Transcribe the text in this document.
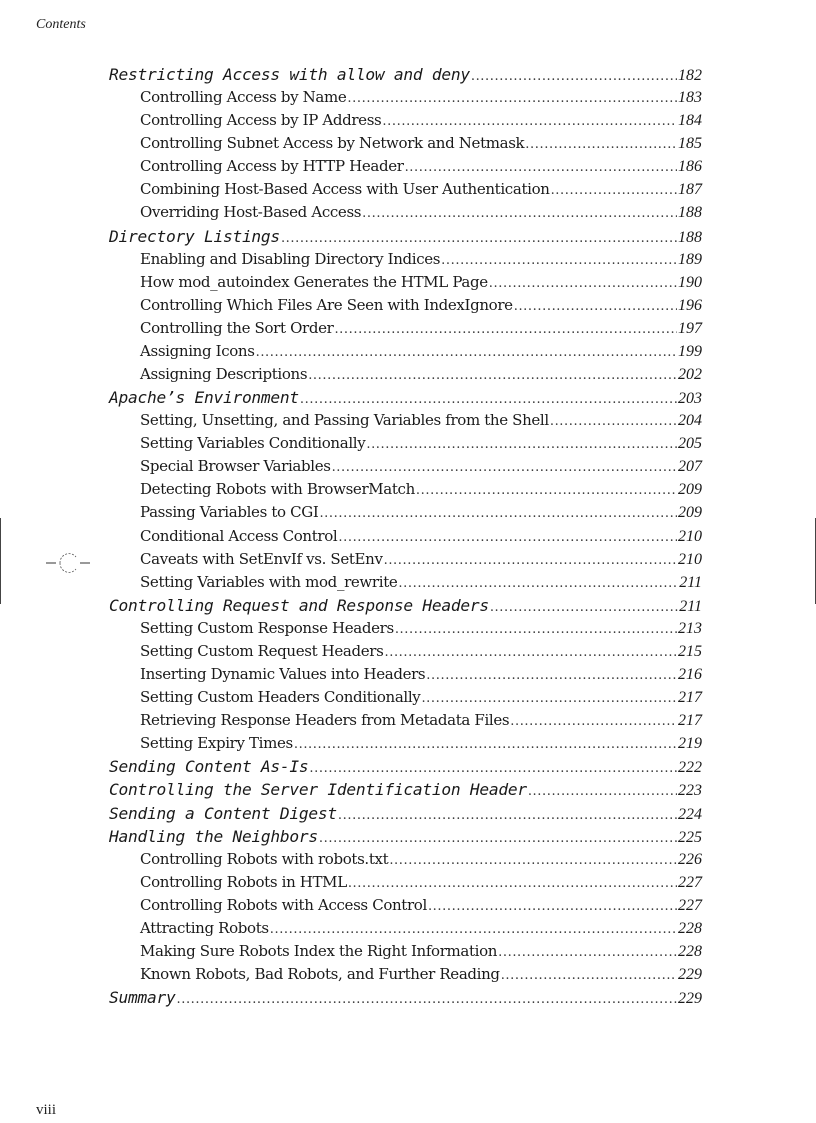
Contents
Restricting Access with allow and deny .....	182
Controlling Access by Name .....	183
Controlling Access by IP Address .....	184
Controlling Subnet Access by Network and Netmask .....	185
Controlling Access by HTTP Header .....	186
Combining Host-Based Access with User Authentication .....	187
Overriding Host-Based Access .....	188
Directory Listings .....	188
Enabling and Disabling Directory Indices .....	189
How mod_autoindex Generates the HTML Page .....	190
Controlling Which Files Are Seen with IndexIgnore .....	196
Controlling the Sort Order .....	197
Assigning Icons .....	199
Assigning Descriptions .....	202
Apache’s Environment .....	203
Setting, Unsetting, and Passing Variables from the Shell .....	204
Setting Variables Conditionally .....	205
Special Browser Variables .....	207
Detecting Robots with BrowserMatch .....	209
Passing Variables to CGI .....	209
Conditional Access Control .....	210
Caveats with SetEnvIf vs. SetEnv .....	210
Setting Variables with mod_rewrite .....	211
Controlling Request and Response Headers .....	211
Setting Custom Response Headers .....	213
Setting Custom Request Headers .....	215
Inserting Dynamic Values into Headers .....	216
Setting Custom Headers Conditionally .....	217
Retrieving Response Headers from Metadata Files .....	217
Setting Expiry Times .....	219
Sending Content As-Is .....	222
Controlling the Server Identification Header .....	223
Sending a Content Digest .....	224
Handling the Neighbors .....	225
Controlling Robots with robots.txt .....	226
Controlling Robots in HTML .....	227
Controlling Robots with Access Control .....	227
Attracting Robots .....	228
Making Sure Robots Index the Right Information .....	228
Known Robots, Bad Robots, and Further Reading .....	229
Summary .....	229
viii
